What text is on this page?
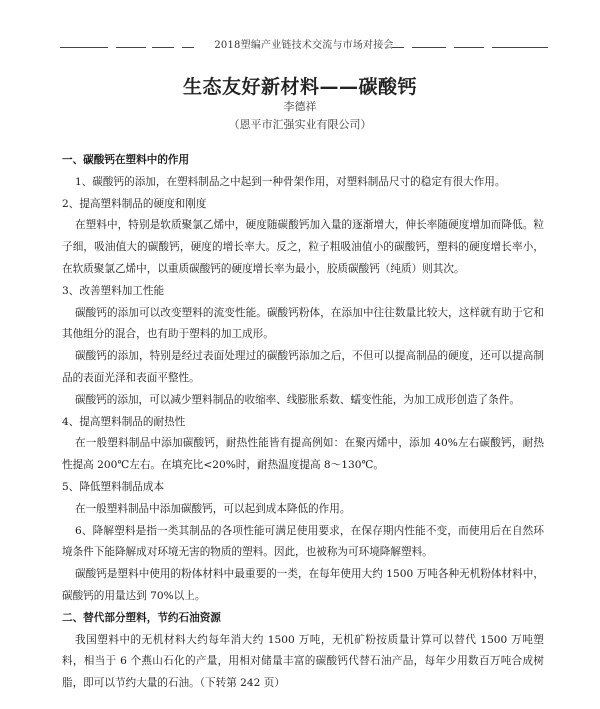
2018塑编产业链技术交流与市场对接会
生态友好新材料——碳酸钙
李德祥
（恩平市汇强实业有限公司）

一、碳酸钙在塑料中的作用

1、碳酸钙的添加，在塑料制品之中起到一种骨架作用，对塑料制品尺寸的稳定有很大作用。

2、提高塑料制品的硬度和刚度

在塑料中，特别是软质聚氯乙烯中，硬度随碳酸钙加入量的逐渐增大，伸长率随硬度增加而降低。粒子细，吸油值大的碳酸钙，硬度的增长率大。反之，粒子粗吸油值小的碳酸钙，塑料的硬度增长率小，在软质聚氯乙烯中，以重质碳酸钙的硬度增长率为最小，胶质碳酸钙（纯质）则其次。

3、改善塑料加工性能

碳酸钙的添加可以改变塑料的流变性能。碳酸钙粉体，在添加中往往数量比较大，这样就有助于它和其他组分的混合，也有助于塑料的加工成形。

碳酸钙的添加，特别是经过表面处理过的碳酸钙添加之后，不但可以提高制品的硬度，还可以提高制品的表面光泽和表面平整性。

碳酸钙的添加，可以减少塑料制品的收缩率、线膨胀系数、蠕变性能，为加工成形创造了条件。

4、提高塑料制品的耐热性

在一般塑料制品中添加碳酸钙，耐热性能皆有提高例如：在聚丙烯中，添加 40%左右碳酸钙，耐热性提高 200℃左右。在填充比<20%时，耐热温度提高 8～130℃。

5、降低塑料制品成本

在一般塑料制品中添加碳酸钙，可以起到成本降低的作用。

6、降解塑料是指一类其制品的各项性能可满足使用要求，在保存期内性能不变，而使用后在自然环境条件下能降解成对环境无害的物质的塑料。因此，也被称为可环境降解塑料。

碳酸钙是塑料中使用的粉体材料中最重要的一类，在每年使用大约 1500 万吨各种无机粉体材料中，碳酸钙的用量达到 70%以上。

二、替代部分塑料，节约石油资源

我国塑料中的无机材料大约每年消大约 1500 万吨，无机矿粉按质量计算可以替代 1500 万吨塑料，相当于 6 个燕山石化的产量，用相对储量丰富的碳酸钙代替石油产品，每年少用数百万吨合成树脂，即可以节约大量的石油。（下转第 242 页）
